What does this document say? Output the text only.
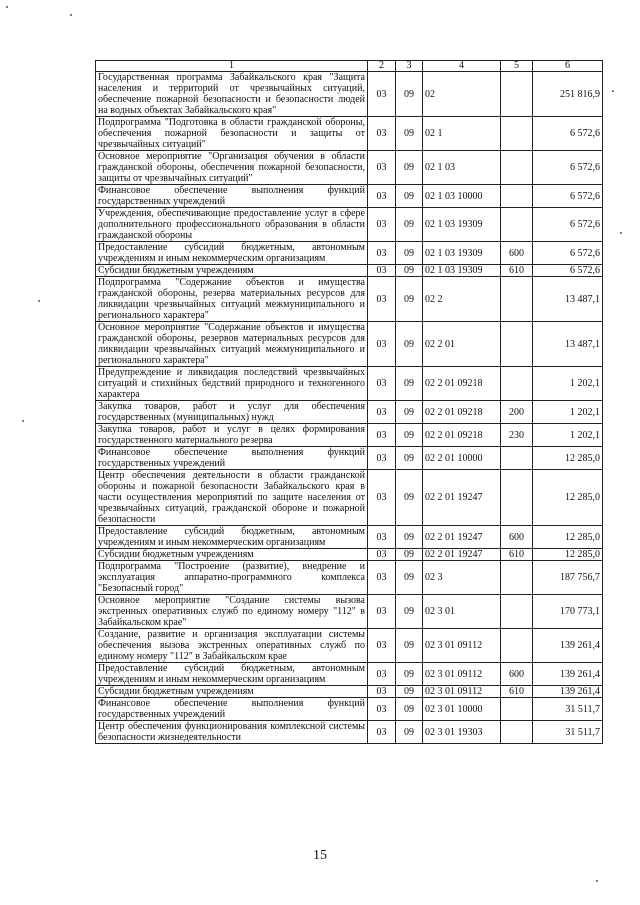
1	2	3	4	5	6
Государственная программа Забайкальского края "Защита населения и территорий от чрезвычайных ситуаций, обеспечение пожарной безопасности и безопасности людей на водных объектах Забайкальского края"	03	09	02		251 816,9
Подпрограмма "Подготовка в области гражданской обороны, обеспечения пожарной безопасности и защиты от чрезвычайных ситуаций"	03	09	02 1		6 572,6
Основное мероприятие "Организация обучения в области гражданской обороны, обеспечения пожарной безопасности, защиты от чрезвычайных ситуаций"	03	09	02 1 03		6 572,6
Финансовое обеспечение выполнения функций государственных учреждений	03	09	02 1 03 10000		6 572,6
Учреждения, обеспечивающие предоставление услуг в сфере дополнительного профессионального образования в области гражданской обороны	03	09	02 1 03 19309		6 572,6
Предоставление субсидий бюджетным, автономным учреждениям и иным некоммерческим организациям	03	09	02 1 03 19309	600	6 572,6
Субсидии бюджетным учреждениям	03	09	02 1 03 19309	610	6 572,6
Подпрограмма "Содержание объектов и имущества гражданской обороны, резерва материальных ресурсов для ликвидации чрезвычайных ситуаций межмуниципального и регионального характера"	03	09	02 2		13 487,1
Основное мероприятие "Содержание объектов и имущества гражданской обороны, резервов материальных ресурсов для ликвидации чрезвычайных ситуаций межмуниципального и регионального характера"	03	09	02 2 01		13 487,1
Предупреждение и ликвидация последствий чрезвычайных ситуаций и стихийных бедствий природного и техногенного характера	03	09	02 2 01 09218		1 202,1
Закупка товаров, работ и услуг для обеспечения государственных (муниципальных) нужд	03	09	02 2 01 09218	200	1 202,1
Закупка товаров, работ и услуг в целях формирования государственного материального резерва	03	09	02 2 01 09218	230	1 202,1
Финансовое обеспечение выполнения функций государственных учреждений	03	09	02 2 01 10000		12 285,0
Центр обеспечения деятельности в области гражданской обороны и пожарной безопасности Забайкальского края в части осуществления мероприятий по защите населения от чрезвычайных ситуаций, гражданской обороне и пожарной безопасности	03	09	02 2 01 19247		12 285,0
Предоставление субсидий бюджетным, автономным учреждениям и иным некоммерческим организациям	03	09	02 2 01 19247	600	12 285,0
Субсидии бюджетным учреждениям	03	09	02 2 01 19247	610	12 285,0
Подпрограмма "Построение (развитие), внедрение и эксплуатация аппаратно-программного комплекса "Безопасный город"	03	09	02 3		187 756,7
Основное мероприятие "Создание системы вызова экстренных оперативных служб по единому номеру "112" в Забайкальском крае"	03	09	02 3 01		170 773,1
Создание, развитие и организация эксплуатации системы обеспечения вызова экстренных оперативных служб по единому номеру "112" в Забайкальском крае	03	09	02 3 01 09112		139 261,4
Предоставление субсидий бюджетным, автономным учреждениям и иным некоммерческим организациям	03	09	02 3 01 09112	600	139 261,4
Субсидии бюджетным учреждениям	03	09	02 3 01 09112	610	139 261,4
Финансовое обеспечение выполнения функций государственных учреждений	03	09	02 3 01 10000		31 511,7
Центр обеспечения функционирования комплексной системы безопасности жизнедеятельности	03	09	02 3 01 19303		31 511,7
15
